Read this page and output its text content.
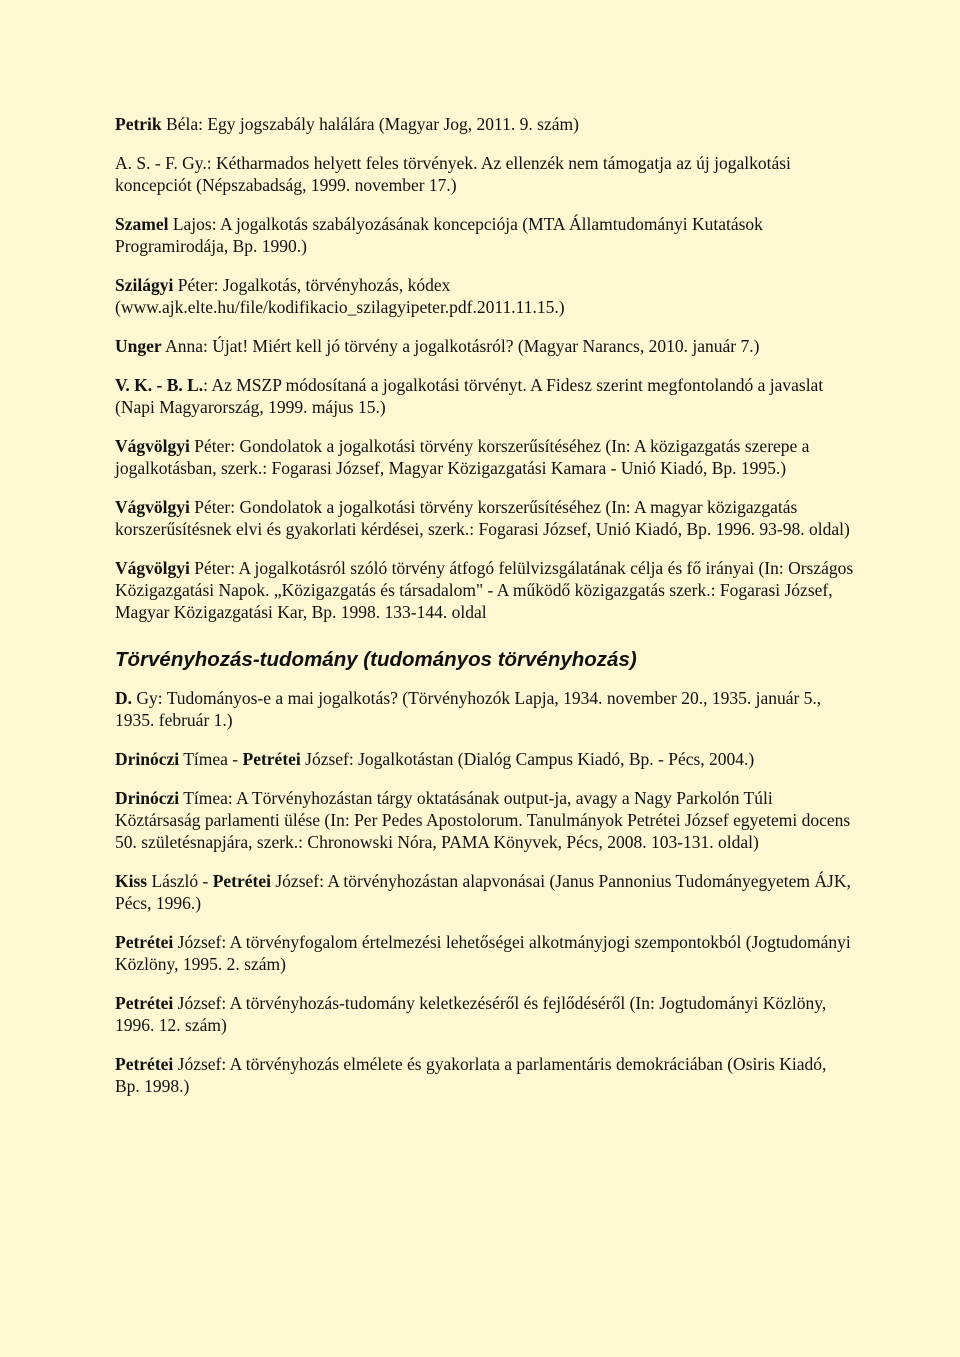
Petrik Béla: Egy jogszabály halálára (Magyar Jog, 2011. 9. szám)

A. S. - F. Gy.: Kétharmados helyett feles törvények. Az ellenzék nem támogatja az új jogalkotási koncepciót (Népszabadság, 1999. november 17.)

Szamel Lajos: A jogalkotás szabályozásának koncepciója (MTA Államtudományi Kutatások Programirodája, Bp. 1990.)

Szilágyi Péter: Jogalkotás, törvényhozás, kódex (www.ajk.elte.hu/file/kodifikacio_szilagyipeter.pdf.2011.11.15.)

Unger Anna: Újat! Miért kell jó törvény a jogalkotásról? (Magyar Narancs, 2010. január 7.)

V. K. - B. L.: Az MSZP módosítaná a jogalkotási törvényt. A Fidesz szerint megfontolandó a javaslat (Napi Magyarország, 1999. május 15.)

Vágvölgyi Péter: Gondolatok a jogalkotási törvény korszerűsítéséhez (In: A közigazgatás szerepe a jogalkotásban, szerk.: Fogarasi József, Magyar Közigazgatási Kamara - Unió Kiadó, Bp. 1995.)

Vágvölgyi Péter: Gondolatok a jogalkotási törvény korszerűsítéséhez (In: A magyar közigazgatás korszerűsítésnek elvi és gyakorlati kérdései, szerk.: Fogarasi József, Unió Kiadó, Bp. 1996. 93-98. oldal)

Vágvölgyi Péter: A jogalkotásról szóló törvény átfogó felülvizsgálatának célja és fő irányai (In: Országos Közigazgatási Napok. „Közigazgatás és társadalom" - A működő közigazgatás szerk.: Fogarasi József, Magyar Közigazgatási Kar, Bp. 1998. 133-144. oldal

Törvényhozás-tudomány (tudományos törvényhozás)

D. Gy: Tudományos-e a mai jogalkotás? (Törvényhozók Lapja, 1934. november 20., 1935. január 5., 1935. február 1.)

Drinóczi Tímea - Petrétei József: Jogalkotástan (Dialóg Campus Kiadó, Bp. - Pécs, 2004.)

Drinóczi Tímea: A Törvényhozástan tárgy oktatásának output-ja, avagy a Nagy Parkolón Túli Köztársaság parlamenti ülése (In: Per Pedes Apostolorum. Tanulmányok Petrétei József egyetemi docens 50. születésnapjára, szerk.: Chronowski Nóra, PAMA Könyvek, Pécs, 2008. 103-131. oldal)

Kiss László - Petrétei József: A törvényhozástan alapvonásai (Janus Pannonius Tudományegyetem ÁJK, Pécs, 1996.)

Petrétei József: A törvényfogalom értelmezési lehetőségei alkotmányjogi szempontokból (Jogtudományi Közlöny, 1995. 2. szám)

Petrétei József: A törvényhozás-tudomány keletkezéséről és fejlődéséről (In: Jogtudományi Közlöny, 1996. 12. szám)

Petrétei József: A törvényhozás elmélete és gyakorlata a parlamentáris demokráciában (Osiris Kiadó, Bp. 1998.)
